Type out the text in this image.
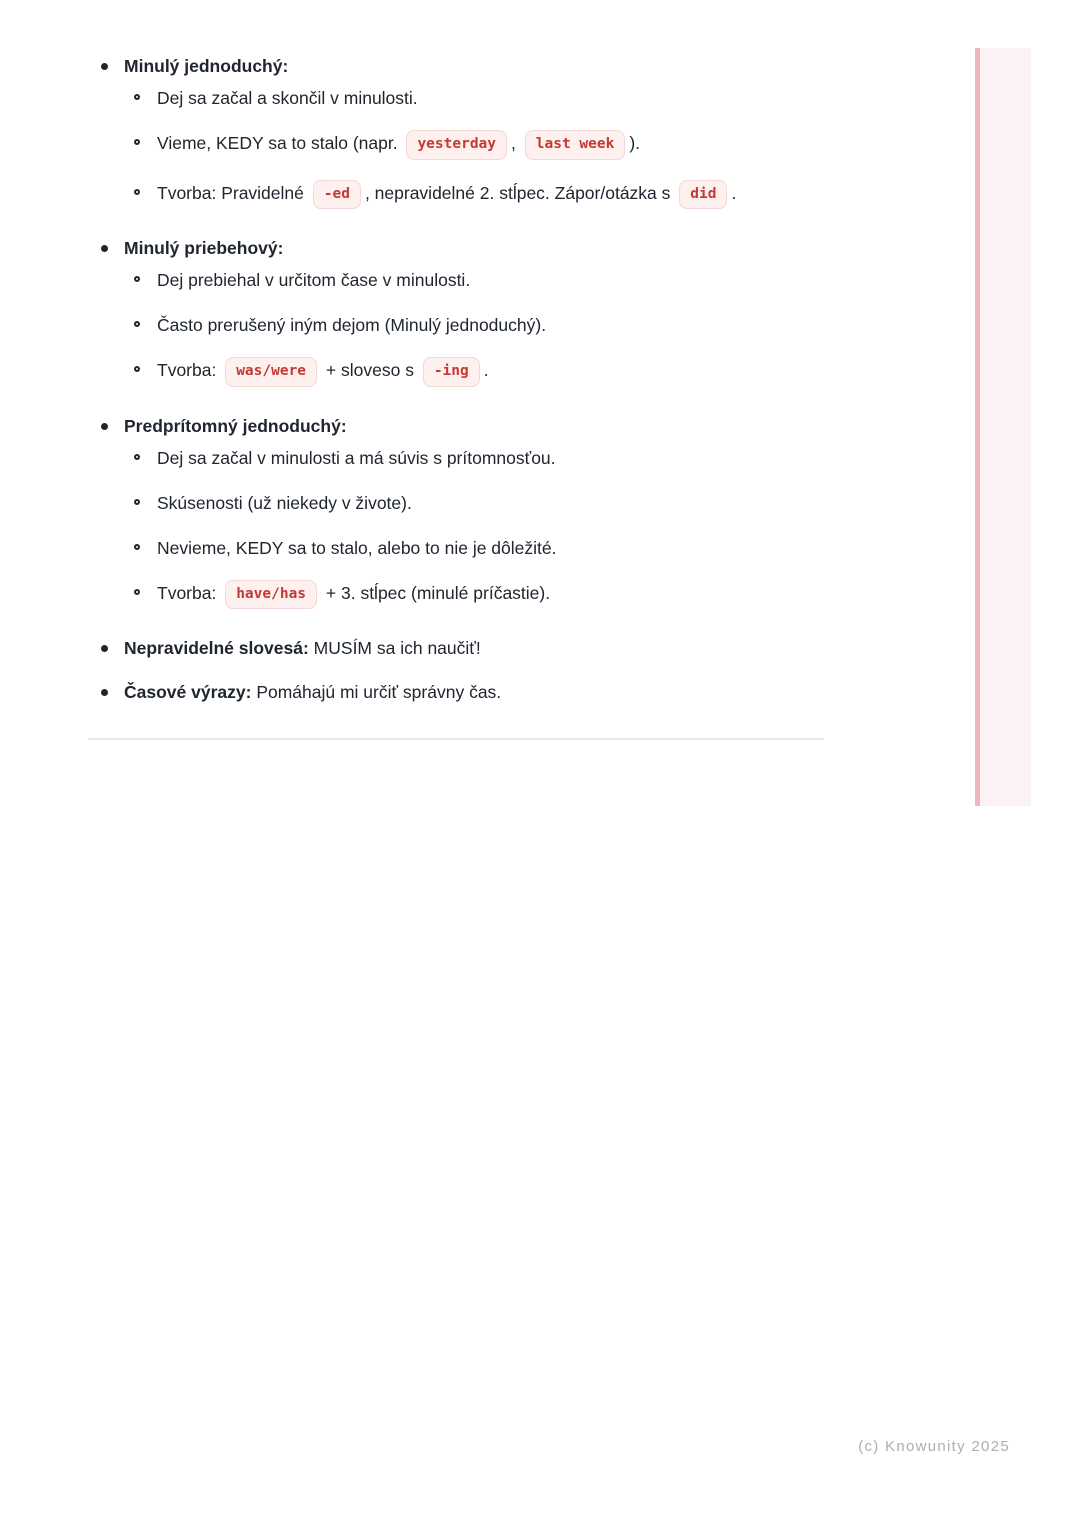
Minulý jednoduchý:
Dej sa začal a skončil v minulosti.
Vieme, KEDY sa to stalo (napr. yesterday , last week ).
Tvorba: Pravidelné -ed , nepravidelné 2. stĺpec. Zápor/otázka s did .
Minulý priebehový:
Dej prebiehal v určitom čase v minulosti.
Často prerušený iným dejom (Minulý jednoduchý).
Tvorba: was/were + sloveso s -ing .
Predprítomný jednoduchý:
Dej sa začal v minulosti a má súvis s prítomnosťou.
Skúsenosti (už niekedy v živote).
Nevieme, KEDY sa to stalo, alebo to nie je dôležité.
Tvorba: have/has + 3. stĺpec (minulé príčastie).
Nepravidelné slovesá: MUSÍM sa ich naučiť!
Časové výrazy: Pomáhajú mi určiť správny čas.
(c) Knowunity 2025
